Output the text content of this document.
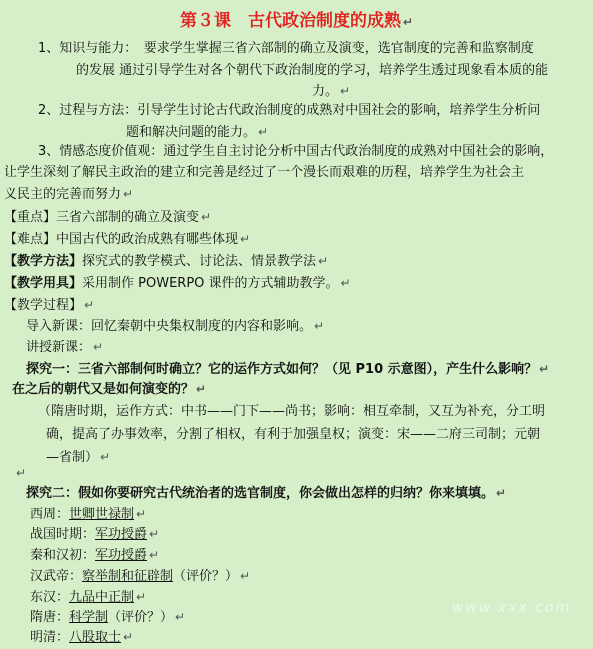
第３课　古代政治制度的成熟 ↵
1、知识与能力：　要求学生掌握三省六部制的确立及演变，选官制度的完善和监察制度
的发展 通过引导学生对各个朝代下政治制度的学习，培养学生透过现象看本质的能
力。 ↵
2、过程与方法：引导学生讨论古代政治制度的成熟对中国社会的影响，培养学生分析问
题和解决问题的能力。 ↵
3、情感态度价值观：通过学生自主讨论分析中国古代政治制度的成熟对中国社会的影响，
让学生深刻了解民主政治的建立和完善是经过了一个漫长而艰难的历程，培养学生为社会主
义民主的完善而努力 ↵
【重点】三省六部制的确立及演变 ↵
【难点】中国古代的政治成熟有哪些体现 ↵
【教学方法】探究式的教学模式、讨论法、情景教学法 ↵
【教学用具】采用制作 POWERPO 课件的方式辅助教学。 ↵
【教学过程】 ↵
导入新课：回忆秦朝中央集权制度的内容和影响。 ↵
讲授新课： ↵
探究一：三省六部制何时确立？它的运作方式如何？（见 P10 示意图），产生什么影响？ ↵
在之后的朝代又是如何演变的？ ↵
（隋唐时期，运作方式：中书——门下——尚书；影响：相互牵制，又互为补充，分工明
确，提高了办事效率，分割了相权，有利于加强皇权；演变：宋——二府三司制；元朝
—省制） ↵
↵
探究二：假如你要研究古代统治者的选官制度，你会做出怎样的归纳？你来填填。 ↵
西周：世卿世禄制 ↵
战国时期：军功授爵 ↵
秦和汉初：军功授爵 ↵
汉武帝：察举制和征辟制（评价？） ↵
东汉：九品中正制 ↵
隋唐：科学制（评价？） ↵
明清：八股取士 ↵
www.xxx.com
